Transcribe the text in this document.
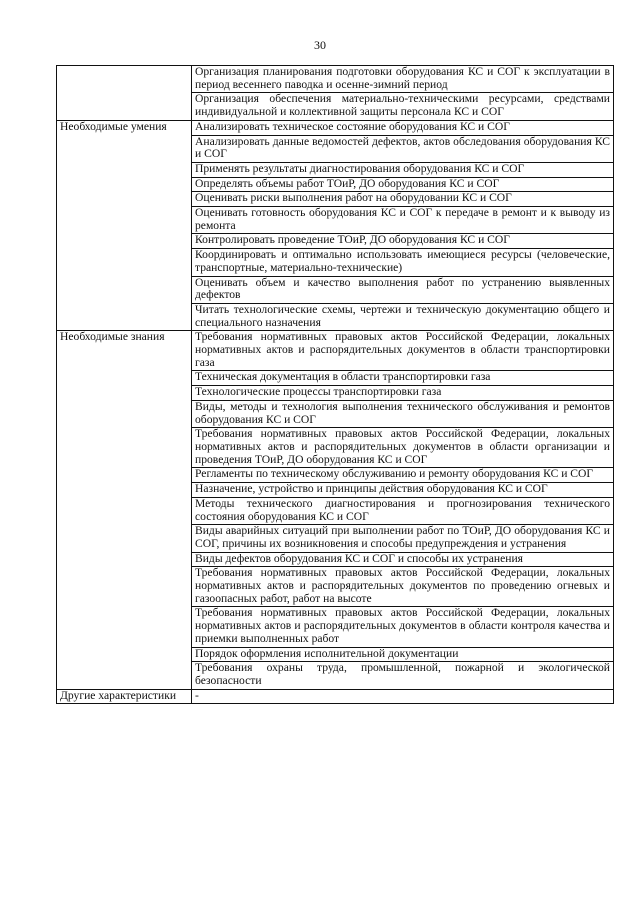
30
	Организация планирования подготовки оборудования КС и СОГ к эксплуатации в период весеннего паводка и осенне-зимний период
	Организация обеспечения материально-техническими ресурсами, средствами индивидуальной и коллективной защиты персонала КС и СОГ
Необходимые умения	Анализировать техническое состояние оборудования КС и СОГ
	Анализировать данные ведомостей дефектов, актов обследования оборудования КС и СОГ
	Применять результаты диагностирования оборудования КС и СОГ
	Определять объемы работ ТОиР, ДО оборудования КС и СОГ
	Оценивать риски выполнения работ на оборудовании КС и СОГ
	Оценивать готовность оборудования КС и СОГ к передаче в ремонт и к выводу из ремонта
	Контролировать проведение ТОиР, ДО оборудования КС и СОГ
	Координировать и оптимально использовать имеющиеся ресурсы (человеческие, транспортные, материально-технические)
	Оценивать объем и качество выполнения работ по устранению выявленных дефектов
	Читать технологические схемы, чертежи и техническую документацию общего и специального назначения
Необходимые знания	Требования нормативных правовых актов Российской Федерации, локальных нормативных актов и распорядительных документов в области транспортировки газа
	Техническая документация в области транспортировки газа
	Технологические процессы транспортировки газа
	Виды, методы и технология выполнения технического обслуживания и ремонтов оборудования КС и СОГ
	Требования нормативных правовых актов Российской Федерации, локальных нормативных актов и распорядительных документов в области организации и проведения ТОиР, ДО оборудования КС и СОГ
	Регламенты по техническому обслуживанию и ремонту оборудования КС и СОГ
	Назначение, устройство и принципы действия оборудования КС и СОГ
	Методы технического диагностирования и прогнозирования технического состояния оборудования КС и СОГ
	Виды аварийных ситуаций при выполнении работ по ТОиР, ДО оборудования КС и СОГ, причины их возникновения и способы предупреждения и устранения
	Виды дефектов оборудования КС и СОГ и способы их устранения
	Требования нормативных правовых актов Российской Федерации, локальных нормативных актов и распорядительных документов по проведению огневых и газоопасных работ, работ на высоте
	Требования нормативных правовых актов Российской Федерации, локальных нормативных актов и распорядительных документов в области контроля качества и приемки выполненных работ
	Порядок оформления исполнительной документации
	Требования охраны труда, промышленной, пожарной и экологической безопасности
Другие характеристики	-
